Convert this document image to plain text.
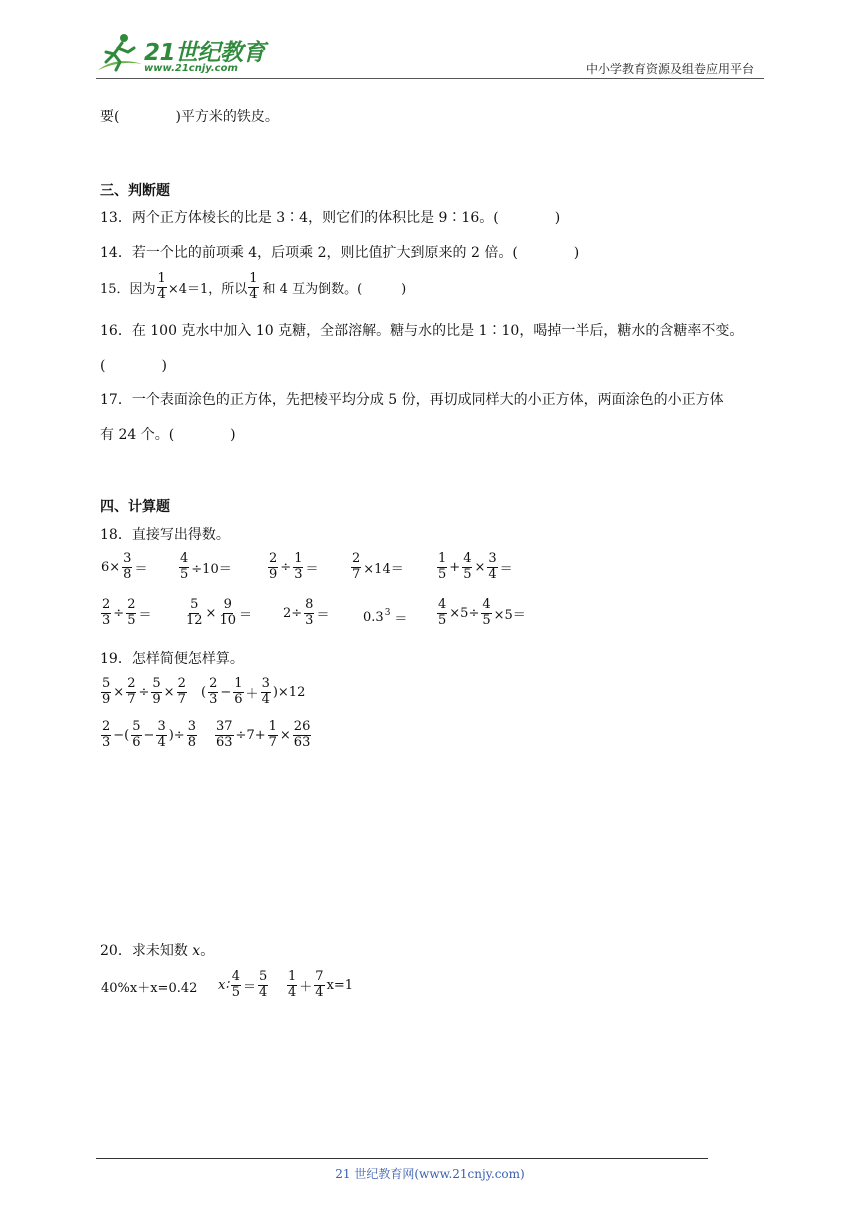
21世纪教育
www.21cnjy.com	中小学教育资源及组卷应用平台
要(　　　　)平方米的铁皮。
三、判断题
13．两个正方体棱长的比是 3∶4，则它们的体积比是 9∶16。(　　　　)
14．若一个比的前项乘 4，后项乘 2，则比值扩大到原来的 2 倍。(　　　　)
15．因为 $\frac{1}{4} \times 4=1$，所以
1
4 和 4 互为倒数。(　　　)
16．在 100 克水中加入 10 克糖，全部溶解。糖与水的比是 1∶10，喝掉一半后，糖水的含糖率不变。
(　　　　)
17．一个表面涂色的正方体，先把棱平均分成 5 份，再切成同样大的小正方体，两面涂色的小正方体
有 24 个。(　　　　)
四、计算题
18．直接写出得数。
$6\times \frac{3}{8} = \frac{4}{5} \div 10=$	$\frac{2}{9} \div \frac{1}{3}$ ＝	$\frac{2}{7} \times 14=$
1
$5 + \frac{4}{5} \times \frac{3}{4}$ ＝
$\frac{2}{3} \div \frac{2}{5}$ ＝	$\frac{5}{12} \times \frac{9}{10} = 2\div \frac{8}{3}$ ＝	$0.3^3 = \frac{4}{5} \times 5\div \frac{4}{5} \times 5=$
19．怎样简便怎样算。
$\frac{5}{9} \times \frac{2}{7} \div \frac{5}{9} \times \frac{2}{7}$ (
2
$3 - \frac{1}{6}$ ＋
3
4 )×12
2
3 −(
5
$6 - \frac{3}{4}$ )÷ $\frac{3}{8} \frac{37}{63} \div 7+ \frac{1}{7} \times \frac{26}{63}$
20．求未知数 x。
40%x＋x=0.42 x∶
4
5 ＝
5
4
1
4 ＋
7
4 x=1
21 世纪教育网(www.21cnjy.com)
